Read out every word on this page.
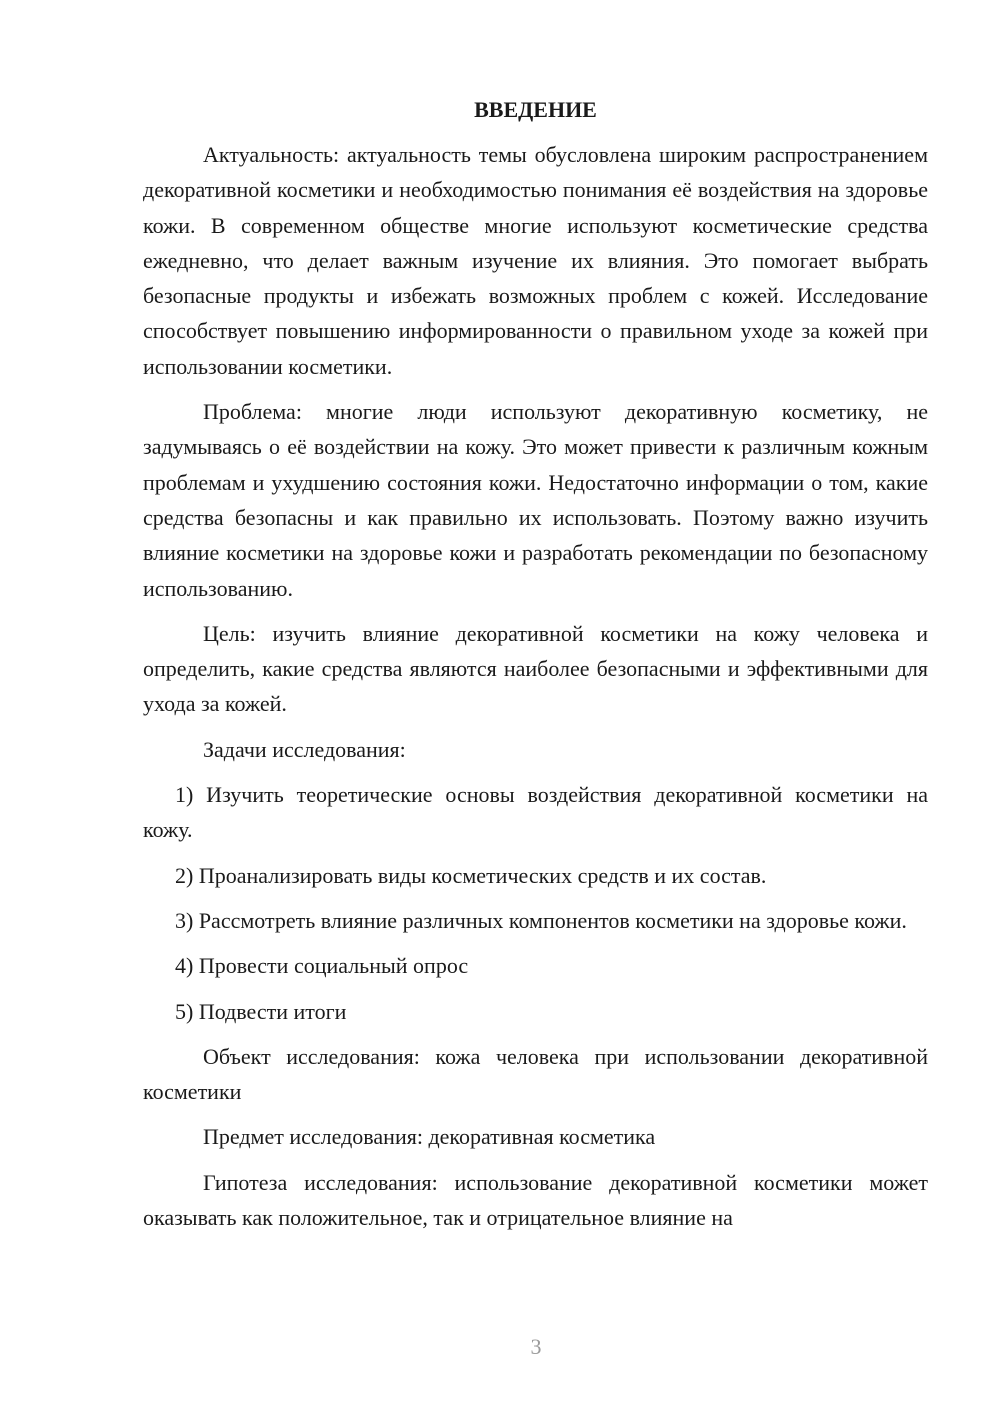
ВВЕДЕНИЕ

Актуальность: актуальность темы обусловлена широким распространением декоративной косметики и необходимостью понимания её воздействия на здоровье кожи. В современном обществе многие используют косметические средства ежедневно, что делает важным изучение их влияния. Это помогает выбрать безопасные продукты и избежать возможных проблем с кожей. Исследование способствует повышению информированности о правильном уходе за кожей при использовании косметики.

Проблема: многие люди используют декоративную косметику, не задумываясь о её воздействии на кожу. Это может привести к различным кожным проблемам и ухудшению состояния кожи. Недостаточно информации о том, какие средства безопасны и как правильно их использовать. Поэтому важно изучить влияние косметики на здоровье кожи и разработать рекомендации по безопасному использованию.

Цель: изучить влияние декоративной косметики на кожу человека и определить, какие средства являются наиболее безопасными и эффективными для ухода за кожей.

Задачи исследования:

1) Изучить теоретические основы воздействия декоративной косметики на кожу.

2) Проанализировать виды косметических средств и их состав.

3) Рассмотреть влияние различных компонентов косметики на здоровье кожи.

4) Провести социальный опрос

5) Подвести итоги

Объект исследования: кожа человека при использовании декоративной косметики

Предмет исследования: декоративная косметика

Гипотеза исследования: использование декоративной косметики может оказывать как положительное, так и отрицательное влияние на

3
